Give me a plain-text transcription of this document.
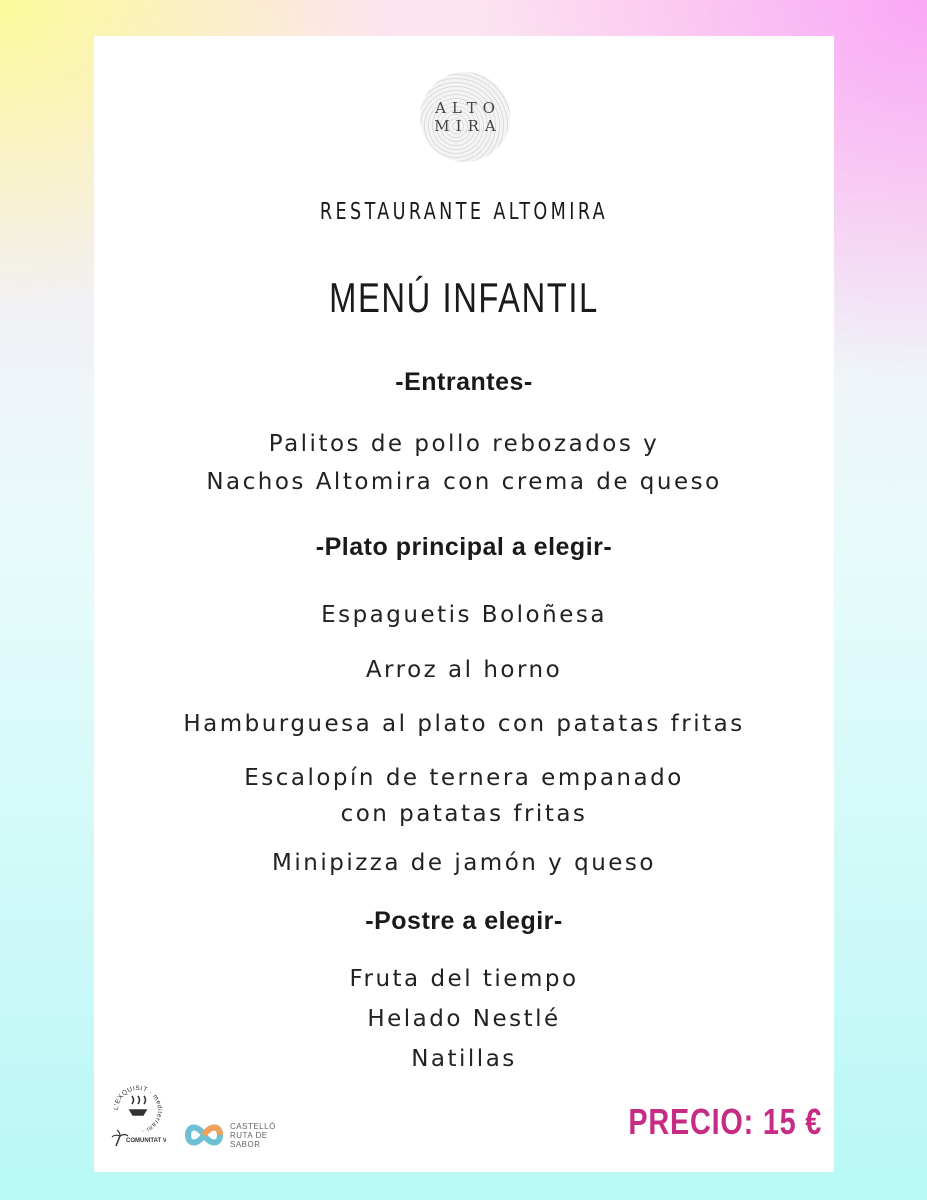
ALTO
MIRA
RESTAURANTE ALTOMIRA
MENÚ INFANTIL
-Entrantes-
Palitos de pollo rebozados y
Nachos Altomira con crema de queso
-Plato principal a elegir-
Espaguetis Boloñesa
Arroz al horno
Hamburguesa al plato con patatas fritas
Escalopín de ternera empanado
con patatas fritas
Minipizza de jamón y queso
-Postre a elegir-
Fruta del tiempo
Helado Nestlé
Natillas
L'EXQUISIT · mediterrani ·
COMUNITAT V
CASTELLÓ
RUTA DE
SABOR
PRECIO: 15 €
